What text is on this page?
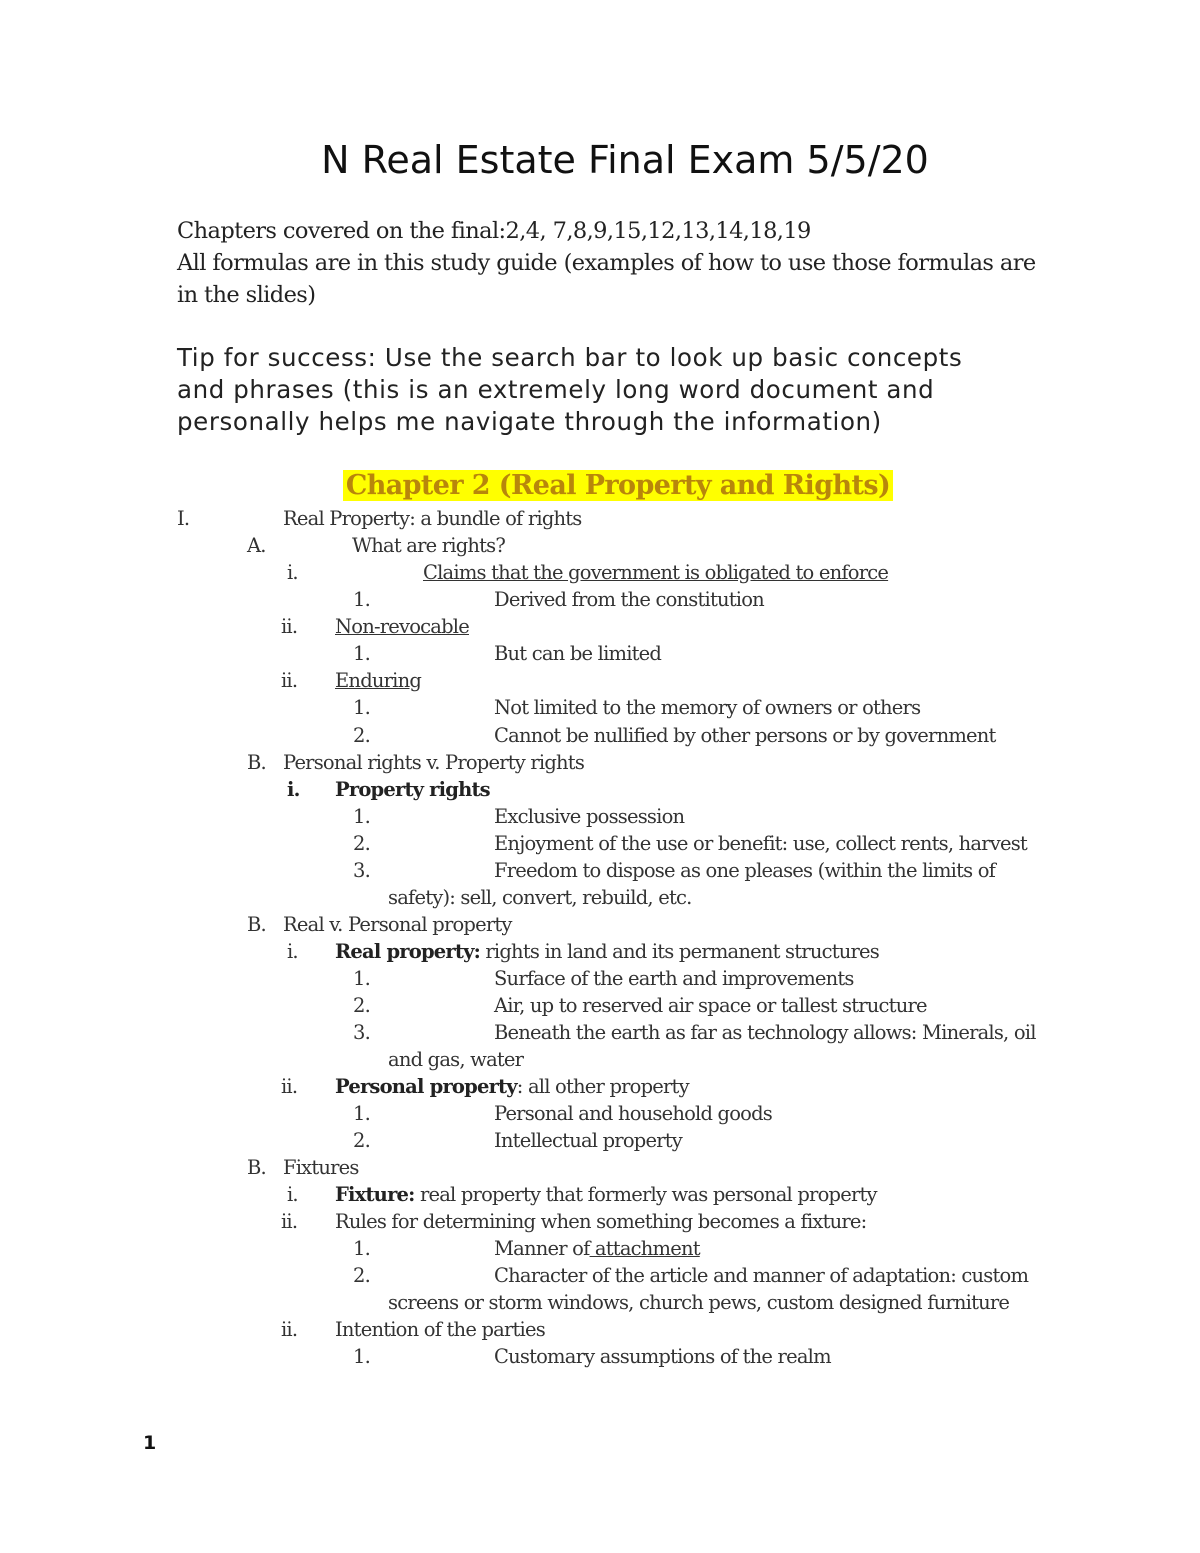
N Real Estate Final Exam 5/5/20
Chapters covered on the final:2,4, 7,8,9,15,12,13,14,18,19
All formulas are in this study guide (examples of how to use those formulas are
in the slides)
Tip for success: Use the search bar to look up basic concepts
and phrases (this is an extremely long word document and
personally helps me navigate through the information)
Chapter 2 (Real Property and Rights)
I.	Real Property: a bundle of rights
A.	What are rights?
i.	Claims that the government is obligated to enforce
1.	Derived from the constitution
ii. Non-revocable
1.	But can be limited
ii. Enduring
1.	Not limited to the memory of owners or others
2.	Cannot be nullified by other persons or by government
B. Personal rights v. Property rights
i. Property rights
1.	Exclusive possession
2.	Enjoyment of the use or benefit: use, collect rents, harvest
3.	Freedom to dispose as one pleases (within the limits of
safety): sell, convert, rebuild, etc.
B. Real v. Personal property
i. Real property: rights in land and its permanent structures
1.	Surface of the earth and improvements
2.	Air, up to reserved air space or tallest structure
3.	Beneath the earth as far as technology allows: Minerals, oil
and gas, water
ii. Personal property: all other property
1.	Personal and household goods
2.	Intellectual property
B. Fixtures
i. Fixture: real property that formerly was personal property
ii. Rules for determining when something becomes a fixture:
1.	Manner of attachment
2.	Character of the article and manner of adaptation: custom
screens or storm windows, church pews, custom designed furniture
ii. Intention of the parties
1.	Customary assumptions of the realm
1
